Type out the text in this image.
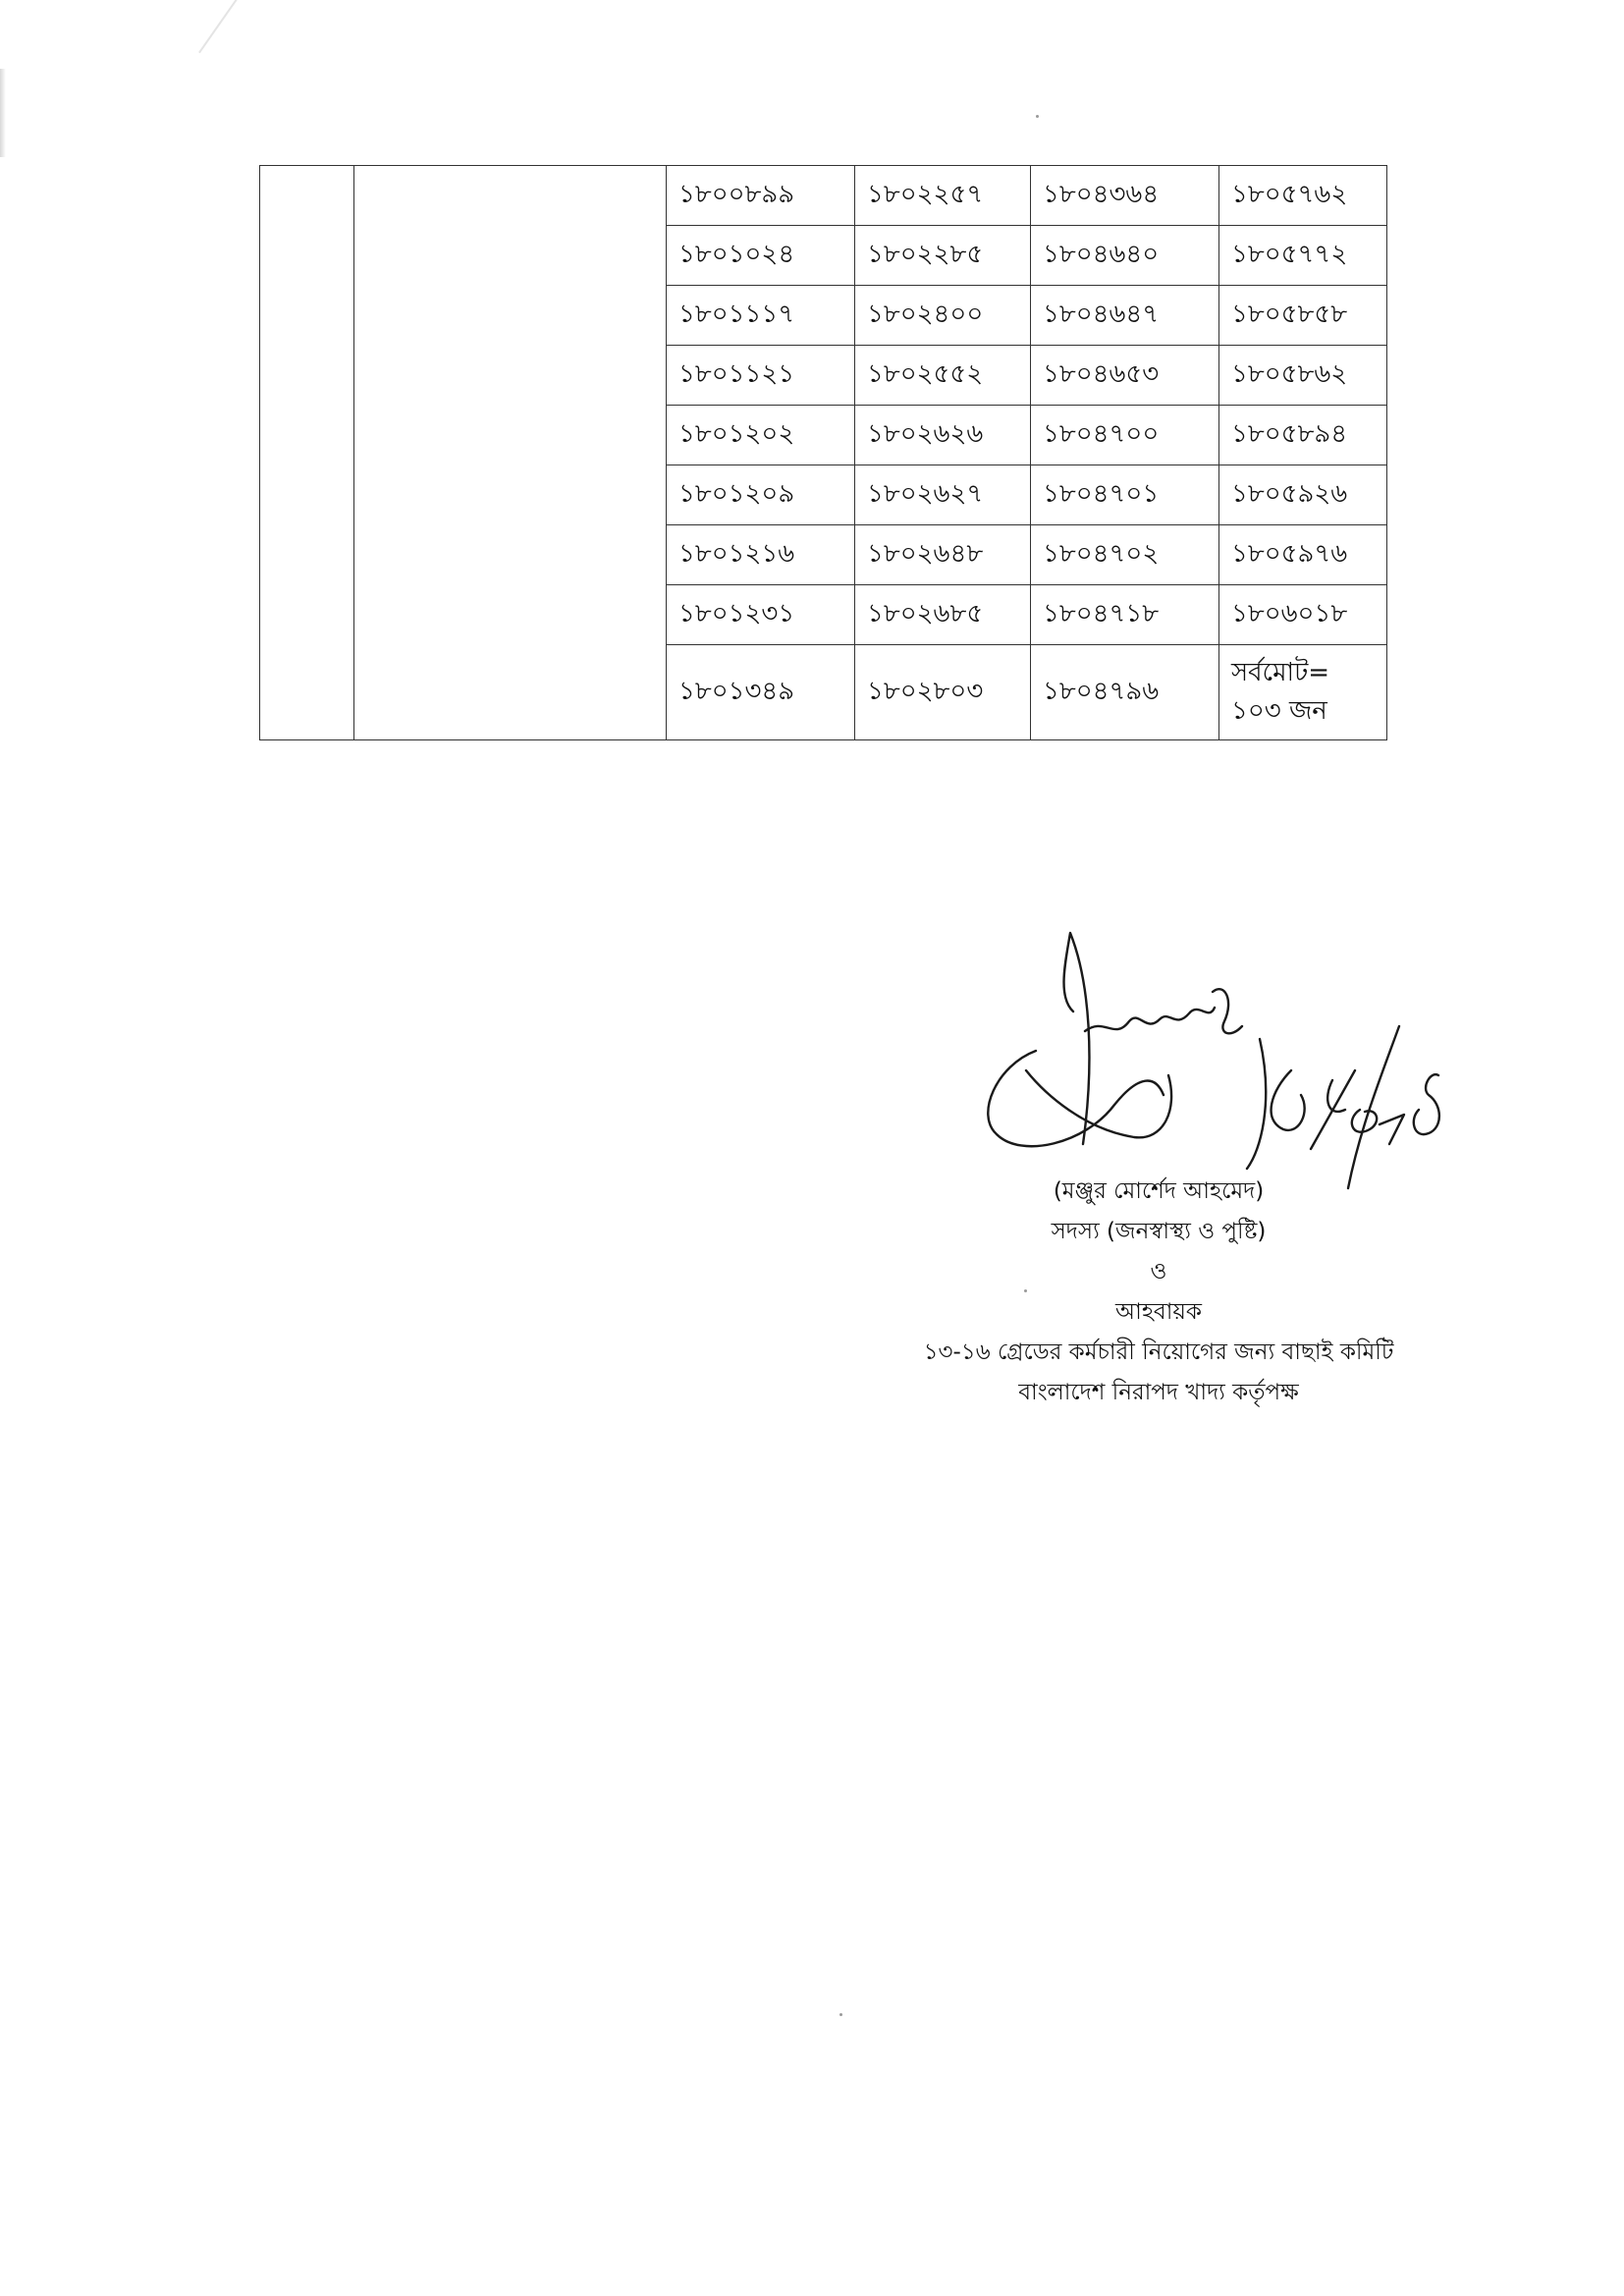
		১৮০০৮৯৯	১৮০২২৫৭	১৮০৪৩৬৪	১৮০৫৭৬২
		১৮০১০২৪	১৮০২২৮৫	১৮০৪৬৪০	১৮০৫৭৭২
		১৮০১১১৭	১৮০২৪০০	১৮০৪৬৪৭	১৮০৫৮৫৮
		১৮০১১২১	১৮০২৫৫২	১৮০৪৬৫৩	১৮০৫৮৬২
		১৮০১২০২	১৮০২৬২৬	১৮০৪৭০০	১৮০৫৮৯৪
		১৮০১২০৯	১৮০২৬২৭	১৮০৪৭০১	১৮০৫৯২৬
		১৮০১২১৬	১৮০২৬৪৮	১৮০৪৭০২	১৮০৫৯৭৬
		১৮০১২৩১	১৮০২৬৮৫	১৮০৪৭১৮	১৮০৬০১৮
		১৮০১৩৪৯	১৮০২৮০৩	১৮০৪৭৯৬	সর্বমোট=
১০৩ জন
(মঞ্জুর মোর্শেদ আহমেদ)
সদস্য (জনস্বাস্থ্য ও পুষ্টি)
ও
আহবায়ক
১৩-১৬ গ্রেডের কর্মচারী নিয়োগের জন্য বাছাই কমিটি
বাংলাদেশ নিরাপদ খাদ্য কর্তৃপক্ষ
